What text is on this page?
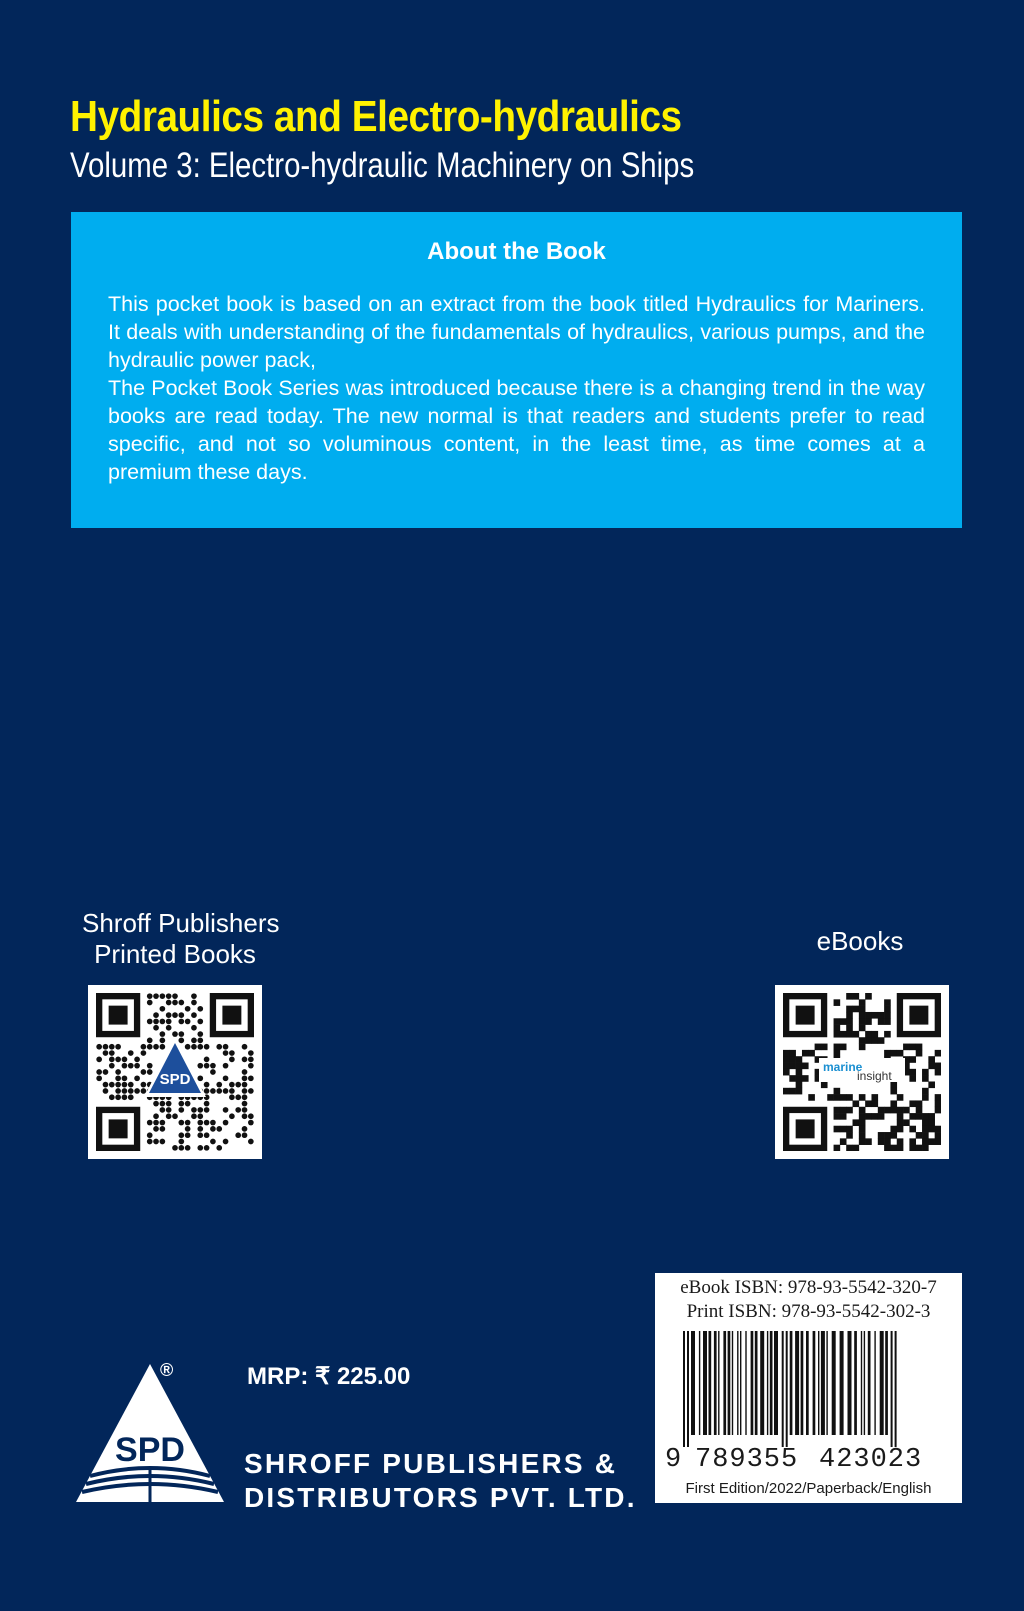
Hydraulics and Electro-hydraulics
Volume 3: Electro-hydraulic Machinery on Ships
About the Book

This pocket book is based on an extract from the book titled Hydraulics for Mariners. It deals with understanding of the fundamentals of hydraulics, various pumps, and the hydraulic power pack,

The Pocket Book Series was introduced because there is a changing trend in the way books are read today. The new normal is that readers and students prefer to read specific, and not so voluminous content, in the least time, as time comes at a premium these days.

Shroff Publishers
Printed Books
SPD
eBooks
marine
insight
SPD
®	MRP: ₹ 225.00
SHROFF PUBLISHERS &
DISTRIBUTORS PVT. LTD.
eBook ISBN: 978-93-5542-320-7
Print ISBN: 978-93-5542-302-3
9 789355 423023
First Edition/2022/Paperback/English
